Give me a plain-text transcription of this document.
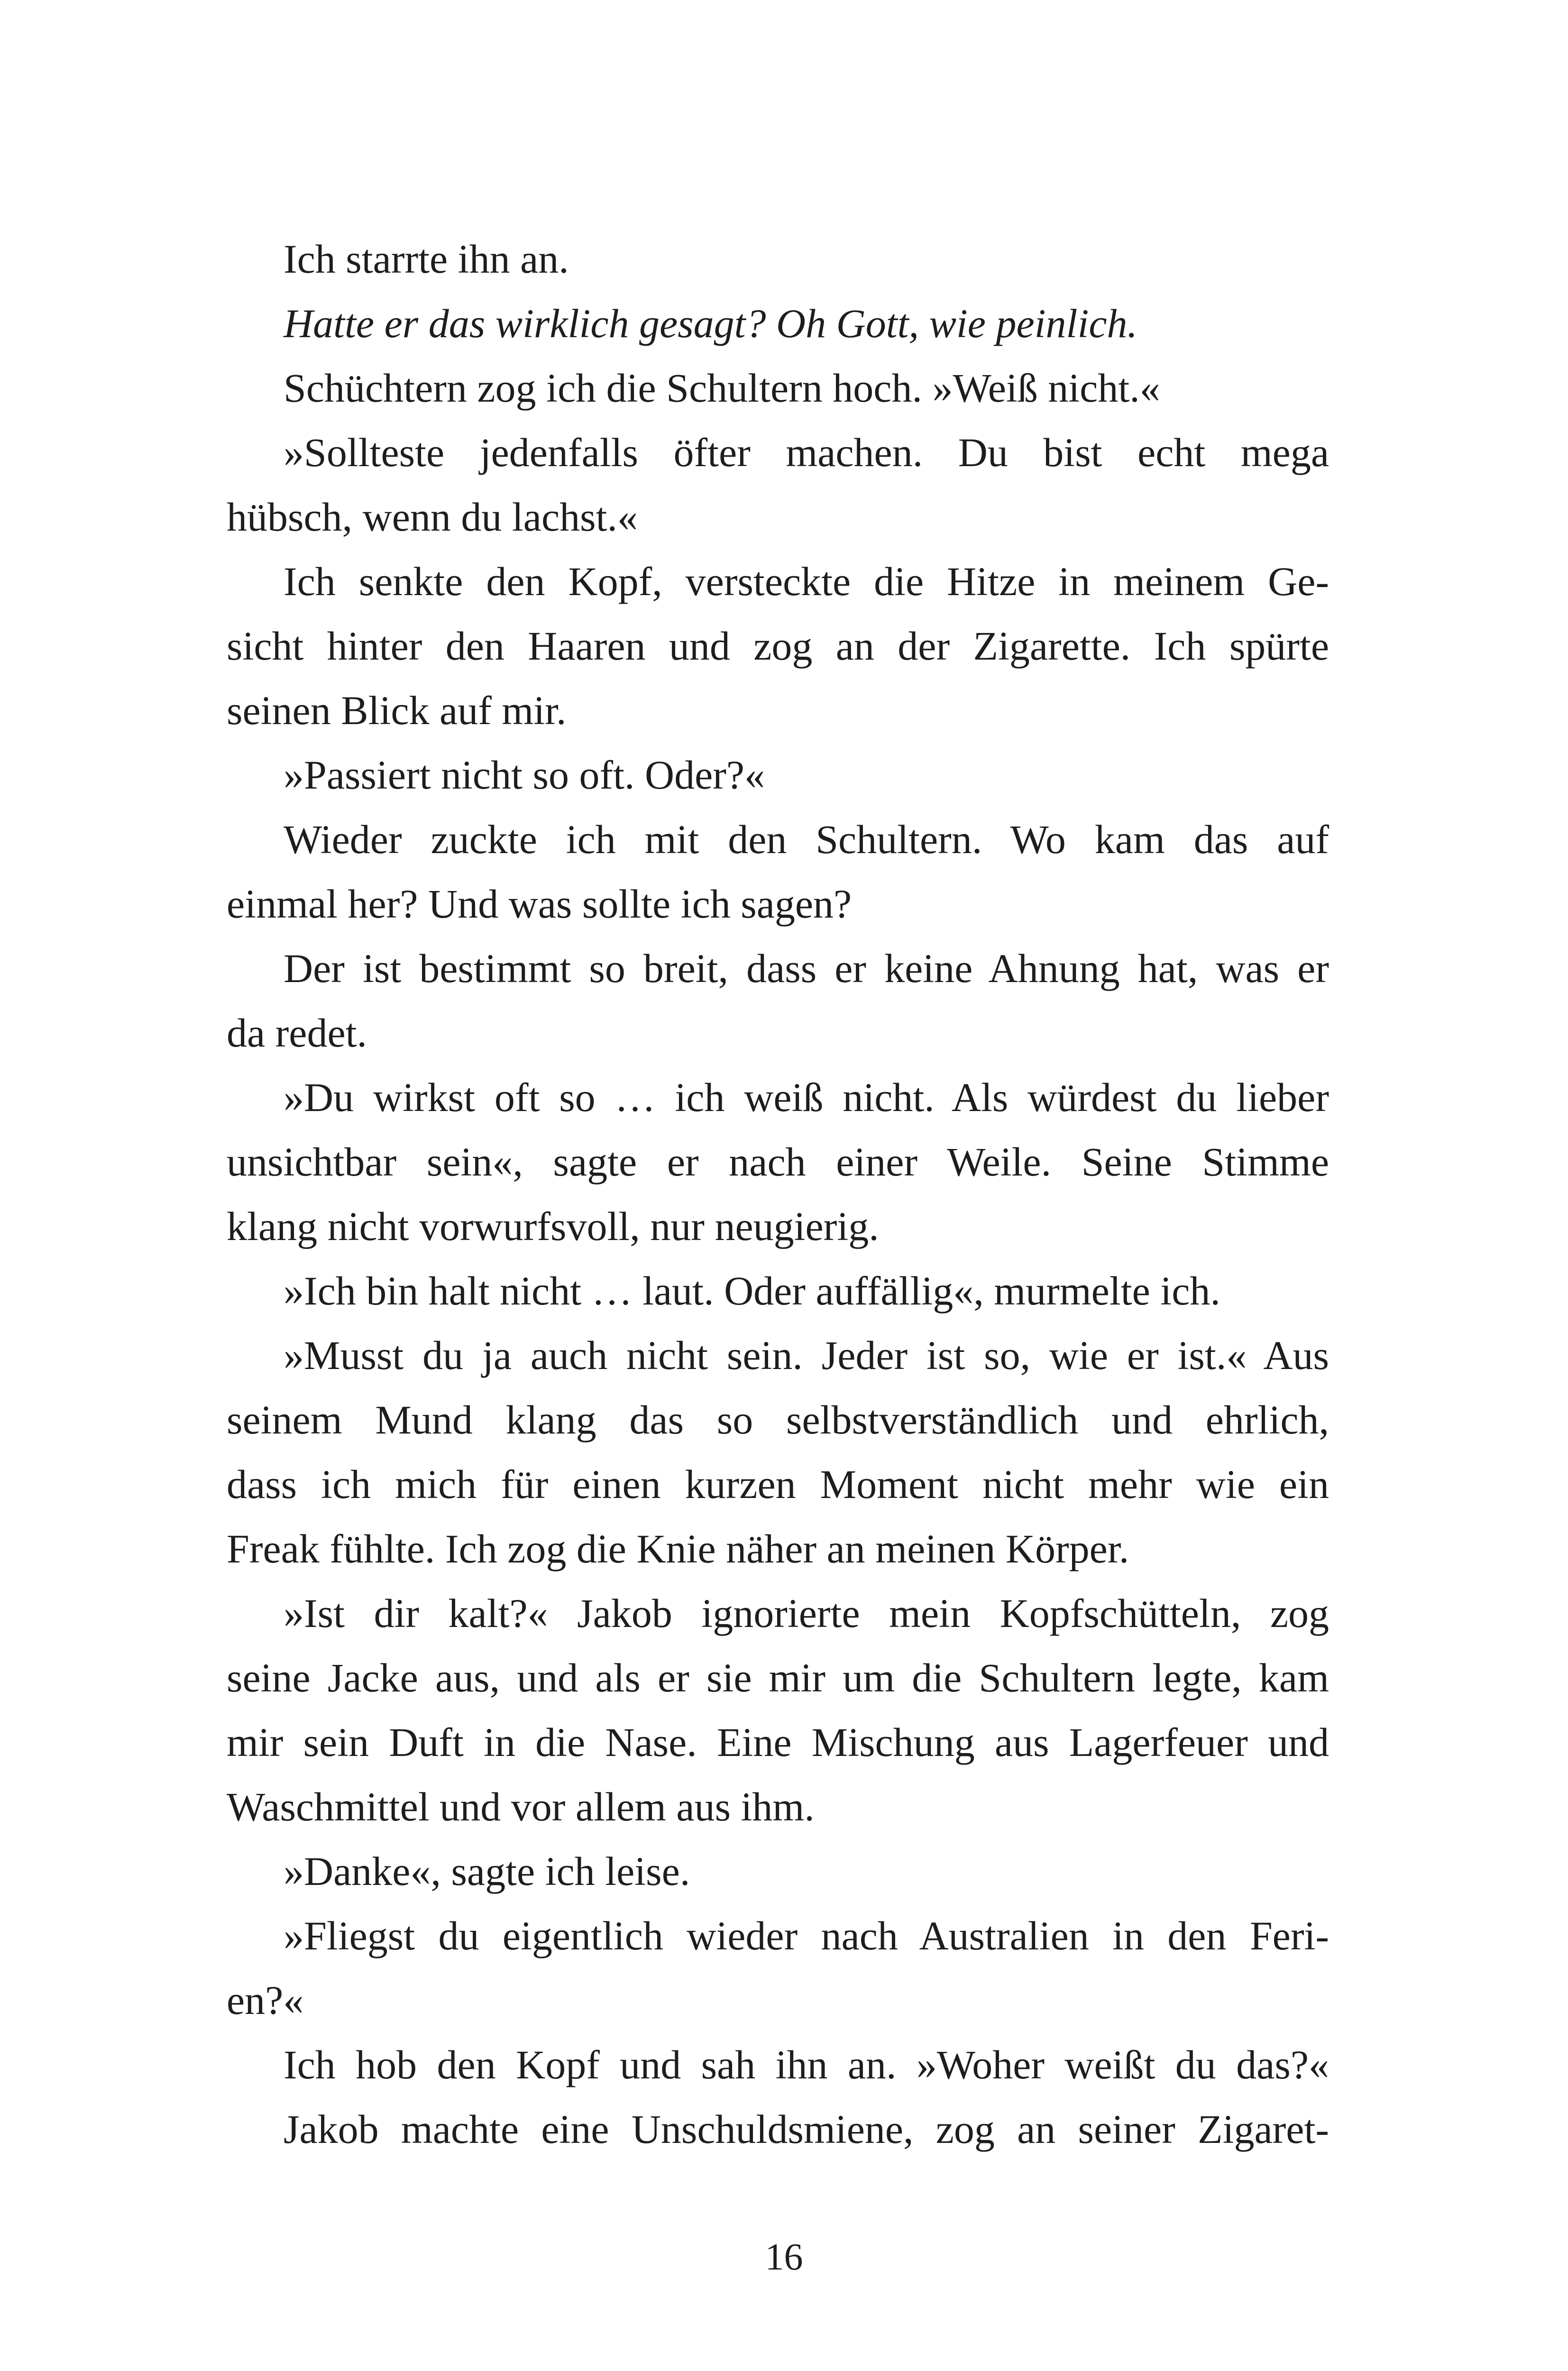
Ich starrte ihn an.
Hatte er das wirklich gesagt? Oh Gott, wie peinlich.
Schüchtern zog ich die Schultern hoch. »Weiß nicht.«
»Sollteste jedenfalls öfter machen. Du bist echt mega
hübsch, wenn du lachst.«
Ich senkte den Kopf, versteckte die Hitze in meinem Ge-
sicht hinter den Haaren und zog an der Zigarette. Ich spürte
seinen Blick auf mir.
»Passiert nicht so oft. Oder?«
Wieder zuckte ich mit den Schultern. Wo kam das auf
einmal her? Und was sollte ich sagen?
Der ist bestimmt so breit, dass er keine Ahnung hat, was er
da redet.
»Du wirkst oft so … ich weiß nicht. Als würdest du lieber
unsichtbar sein«, sagte er nach einer Weile. Seine Stimme
klang nicht vorwurfsvoll, nur neugierig.
»Ich bin halt nicht … laut. Oder auffällig«, murmelte ich.
»Musst du ja auch nicht sein. Jeder ist so, wie er ist.« Aus
seinem Mund klang das so selbstverständlich und ehrlich,
dass ich mich für einen kurzen Moment nicht mehr wie ein
Freak fühlte. Ich zog die Knie näher an meinen Körper.
»Ist dir kalt?« Jakob ignorierte mein Kopfschütteln, zog
seine Jacke aus, und als er sie mir um die Schultern legte, kam
mir sein Duft in die Nase. Eine Mischung aus Lagerfeuer und
Waschmittel und vor allem aus ihm.
»Danke«, sagte ich leise.
»Fliegst du eigentlich wieder nach Australien in den Feri-
en?«
Ich hob den Kopf und sah ihn an. »Woher weißt du das?«
Jakob machte eine Unschuldsmiene, zog an seiner Zigaret-
16
